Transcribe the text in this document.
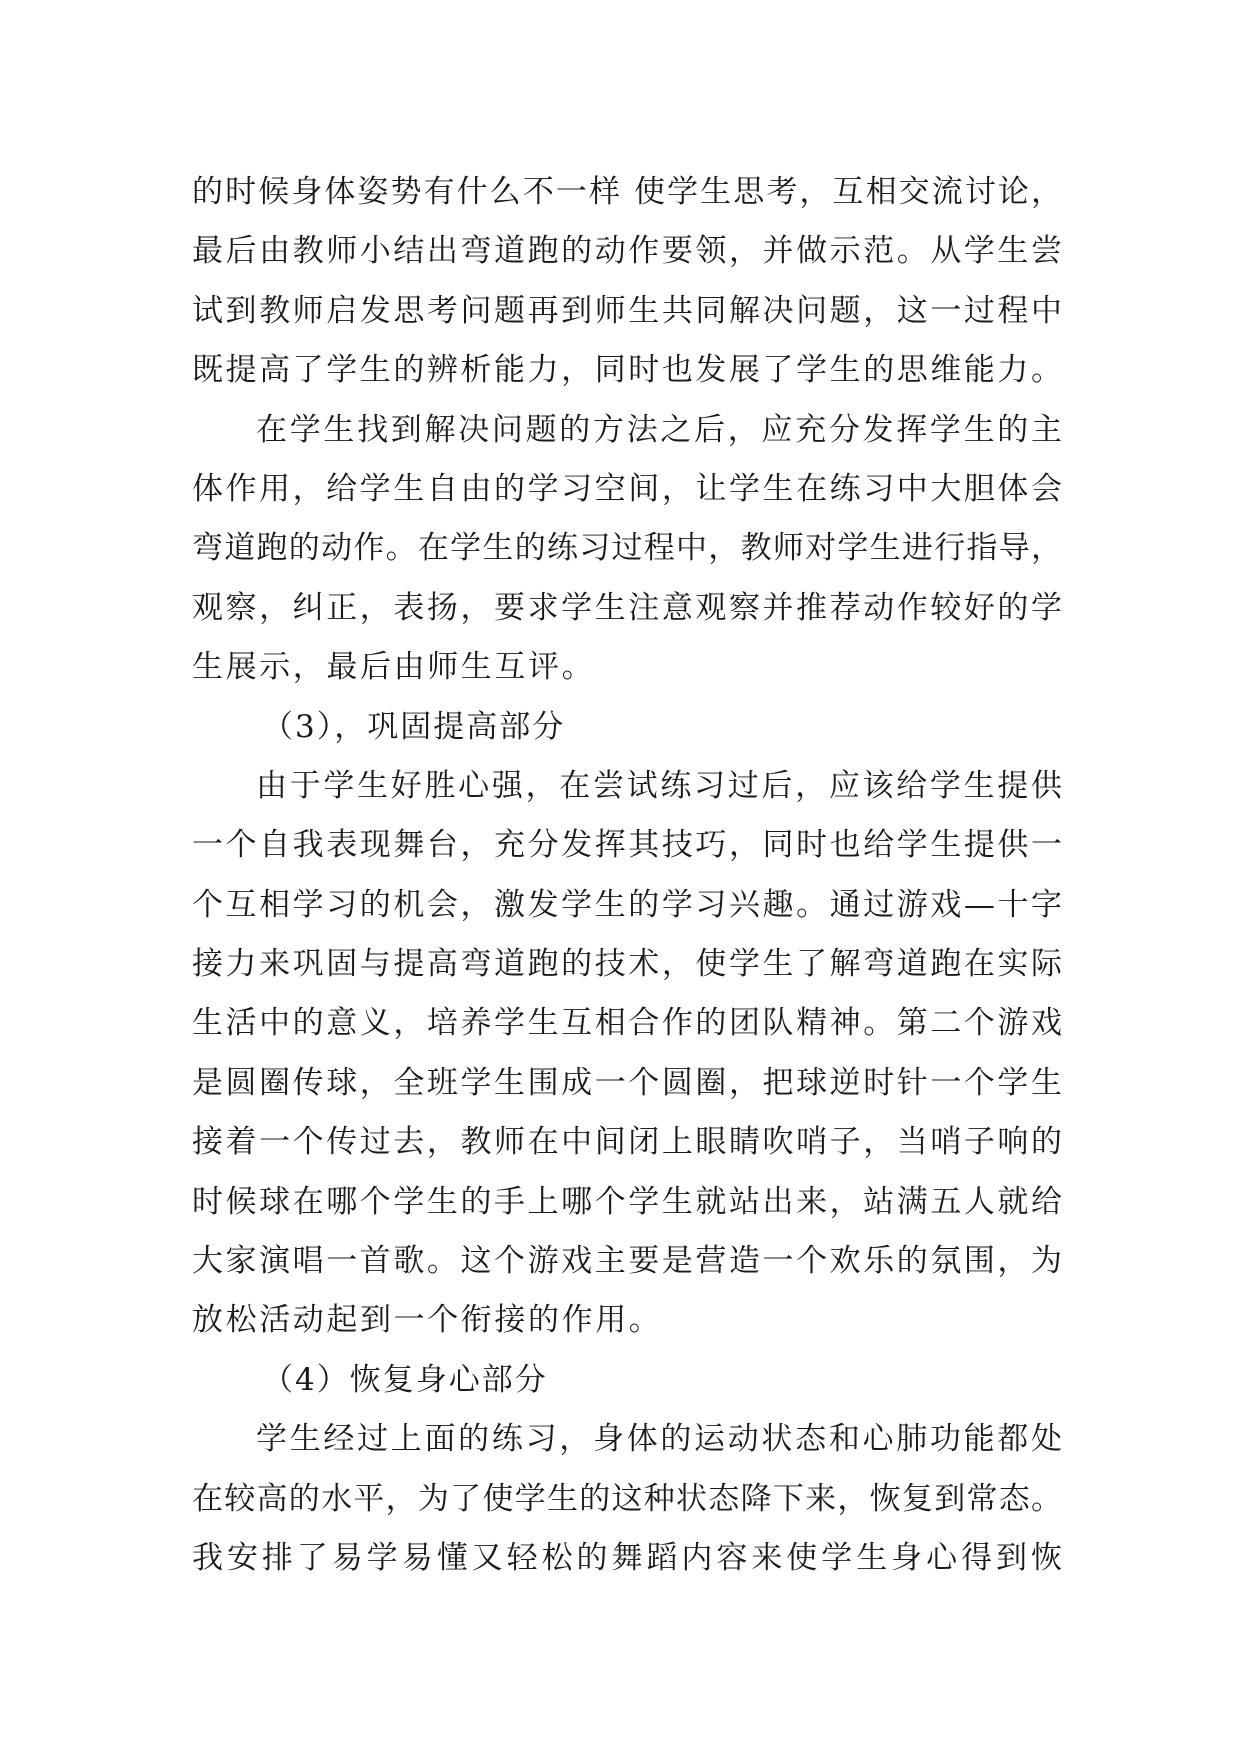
的时候身体姿势有什么不一样 使学生思考，互相交流讨论，
最后由教师小结出弯道跑的动作要领，并做示范。从学生尝
试到教师启发思考问题再到师生共同解决问题，这一过程中
既提高了学生的辨析能力，同时也发展了学生的思维能力。
在学生找到解决问题的方法之后，应充分发挥学生的主
体作用，给学生自由的学习空间，让学生在练习中大胆体会
弯道跑的动作。在学生的练习过程中，教师对学生进行指导，
观察，纠正，表扬，要求学生注意观察并推荐动作较好的学
生展示，最后由师生互评。
（3），巩固提高部分
由于学生好胜心强，在尝试练习过后，应该给学生提供
一个自我表现舞台，充分发挥其技巧，同时也给学生提供一
个互相学习的机会，激发学生的学习兴趣。通过游戏—十字
接力来巩固与提高弯道跑的技术，使学生了解弯道跑在实际
生活中的意义，培养学生互相合作的团队精神。第二个游戏
是圆圈传球，全班学生围成一个圆圈，把球逆时针一个学生
接着一个传过去，教师在中间闭上眼睛吹哨子，当哨子响的
时候球在哪个学生的手上哪个学生就站出来，站满五人就给
大家演唱一首歌。这个游戏主要是营造一个欢乐的氛围，为
放松活动起到一个衔接的作用。
（4）恢复身心部分
学生经过上面的练习，身体的运动状态和心肺功能都处
在较高的水平，为了使学生的这种状态降下来，恢复到常态。
我安排了易学易懂又轻松的舞蹈内容来使学生身心得到恢
